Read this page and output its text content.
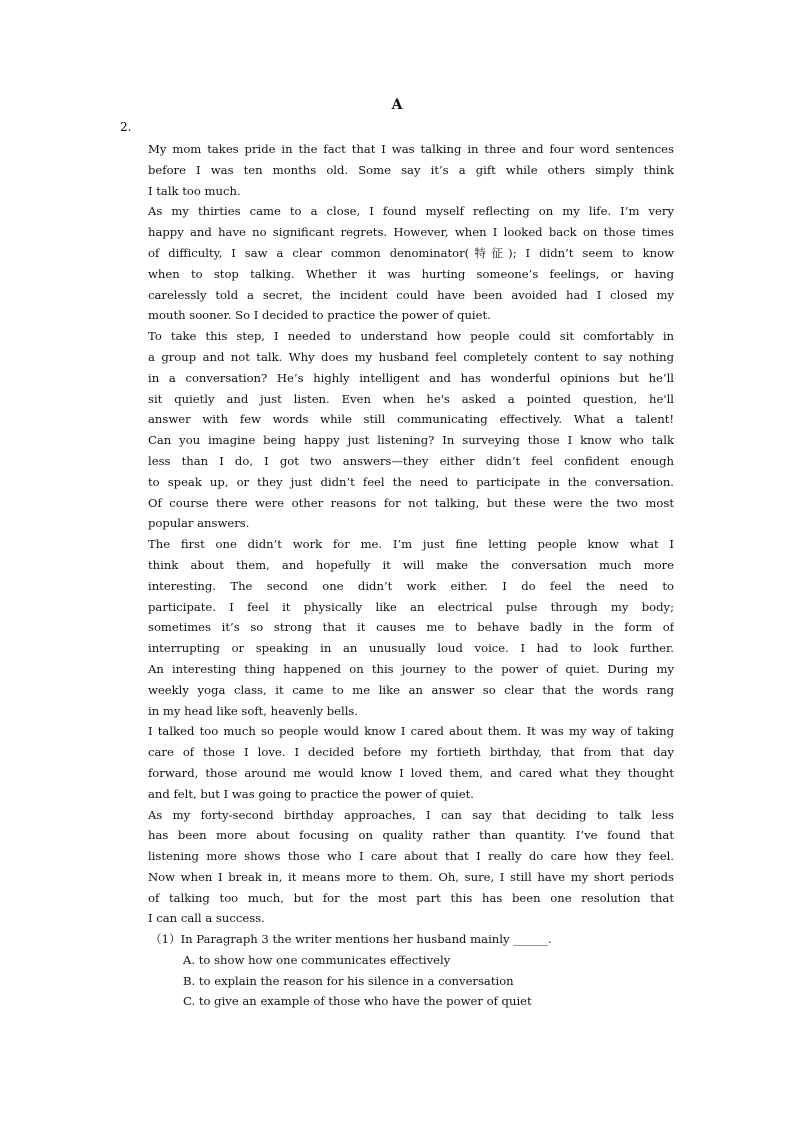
A
2.
My mom takes pride in the fact that I was talking in three and four word sentences
before I was ten months old. Some say it’s a gift while others simply think
I talk too much.
As my thirties came to a close, I found myself reflecting on my life. I’m very
happy and have no significant regrets. However, when I looked back on those times
of difficulty, I saw a clear common denominator(特征); I didn’t seem to know
when to stop talking. Whether it was hurting someone’s feelings, or having
carelessly told a secret, the incident could have been avoided had I closed my
mouth sooner. So I decided to practice the power of quiet.
To take this step, I needed to understand how people could sit comfortably in
a group and not talk. Why does my husband feel completely content to say nothing
in a conversation? He’s highly intelligent and has wonderful opinions but he’ll
sit quietly and just listen. Even when he's asked a pointed question, he'll
answer with few words while still communicating effectively. What a talent!
Can you imagine being happy just listening? In surveying those I know who talk
less than I do, I got two answers—they either didn’t feel confident enough
to speak up, or they just didn’t feel the need to participate in the conversation.
Of course there were other reasons for not talking, but these were the two most
popular answers.
The first one didn’t work for me. I’m just fine letting people know what I
think about them, and hopefully it will make the conversation much more
interesting. The second one didn’t work either. I do feel the need to
participate. I feel it physically like an electrical pulse through my body;
sometimes it’s so strong that it causes me to behave badly in the form of
interrupting or speaking in an unusually loud voice. I had to look further.
An interesting thing happened on this journey to the power of quiet. During my
weekly yoga class, it came to me like an answer so clear that the words rang
in my head like soft, heavenly bells.
I talked too much so people would know I cared about them. It was my way of taking
care of those I love. I decided before my fortieth birthday, that from that day
forward, those around me would know I loved them, and cared what they thought
and felt, but I was going to practice the power of quiet.
As my forty-second birthday approaches, I can say that deciding to talk less
has been more about focusing on quality rather than quantity. I’ve found that
listening more shows those who I care about that I really do care how they feel.
Now when I break in, it means more to them. Oh, sure, I still have my short periods
of talking too much, but for the most part this has been one resolution that
I can call a success.
（1）In Paragraph 3 the writer mentions her husband mainly ______.
A. to show how one communicates effectively
B. to explain the reason for his silence in a conversation
C. to give an example of those who have the power of quiet
